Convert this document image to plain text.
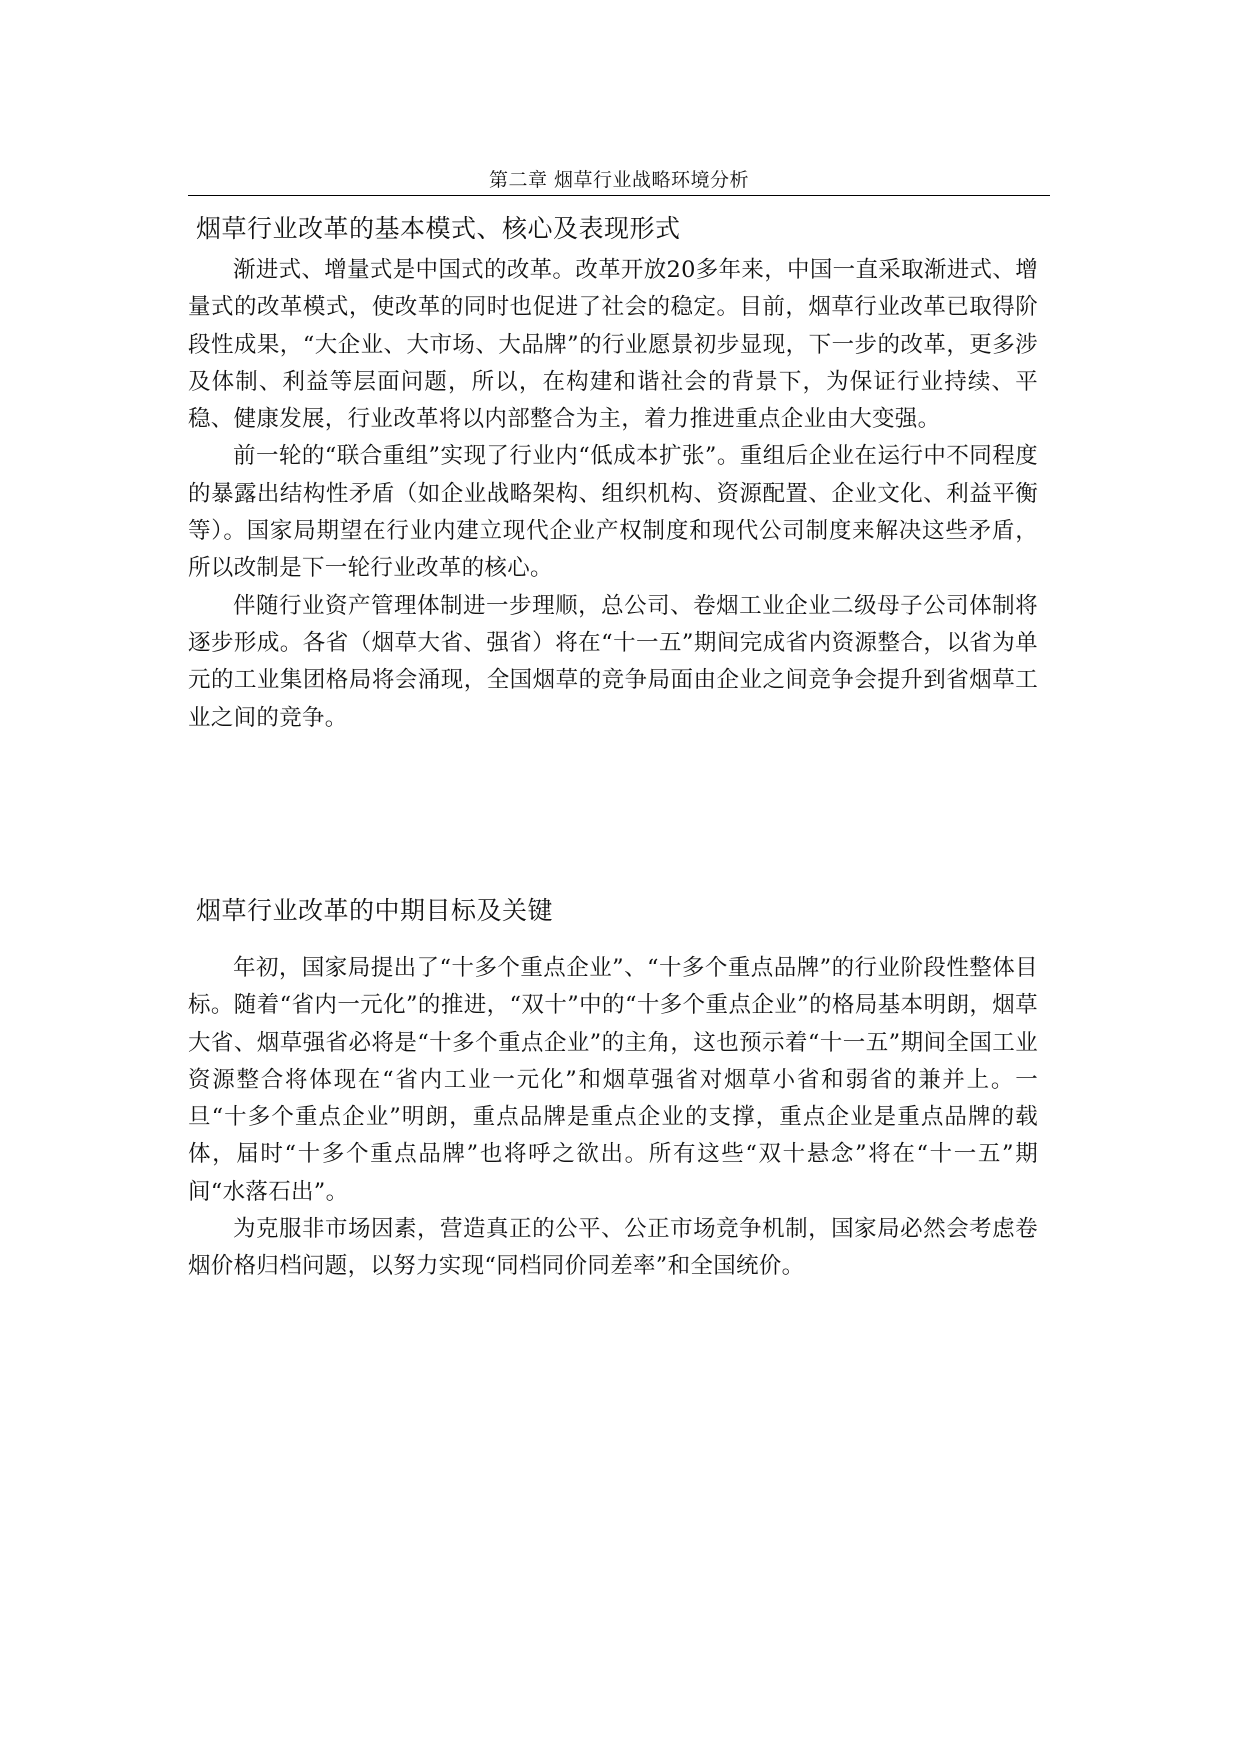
第二章 烟草行业战略环境分析
烟草行业改革的基本模式、核心及表现形式

渐进式、增量式是中国式的改革。改革开放20多年来，中国一直采取渐进式、增量式的改革模式，使改革的同时也促进了社会的稳定。目前，烟草行业改革已取得阶段性成果，“大企业、大市场、大品牌”的行业愿景初步显现，下一步的改革，更多涉及体制、利益等层面问题，所以，在构建和谐社会的背景下，为保证行业持续、平稳、健康发展，行业改革将以内部整合为主，着力推进重点企业由大变强。

前一轮的“联合重组”实现了行业内“低成本扩张”。重组后企业在运行中不同程度的暴露出结构性矛盾（如企业战略架构、组织机构、资源配置、企业文化、利益平衡等）。国家局期望在行业内建立现代企业产权制度和现代公司制度来解决这些矛盾，所以改制是下一轮行业改革的核心。

伴随行业资产管理体制进一步理顺，总公司、卷烟工业企业二级母子公司体制将逐步形成。各省（烟草大省、强省）将在“十一五”期间完成省内资源整合，以省为单元的工业集团格局将会涌现，全国烟草的竞争局面由企业之间竞争会提升到省烟草工业之间的竞争。

烟草行业改革的中期目标及关键

年初，国家局提出了“十多个重点企业”、“十多个重点品牌”的行业阶段性整体目标。随着“省内一元化”的推进，“双十”中的“十多个重点企业”的格局基本明朗，烟草大省、烟草强省必将是“十多个重点企业”的主角，这也预示着“十一五”期间全国工业资源整合将体现在“省内工业一元化”和烟草强省对烟草小省和弱省的兼并上。一旦“十多个重点企业”明朗，重点品牌是重点企业的支撑，重点企业是重点品牌的载体，届时“十多个重点品牌”也将呼之欲出。所有这些“双十悬念”将在“十一五”期间“水落石出”。

为克服非市场因素，营造真正的公平、公正市场竞争机制，国家局必然会考虑卷烟价格归档问题，以努力实现“同档同价同差率”和全国统价。
